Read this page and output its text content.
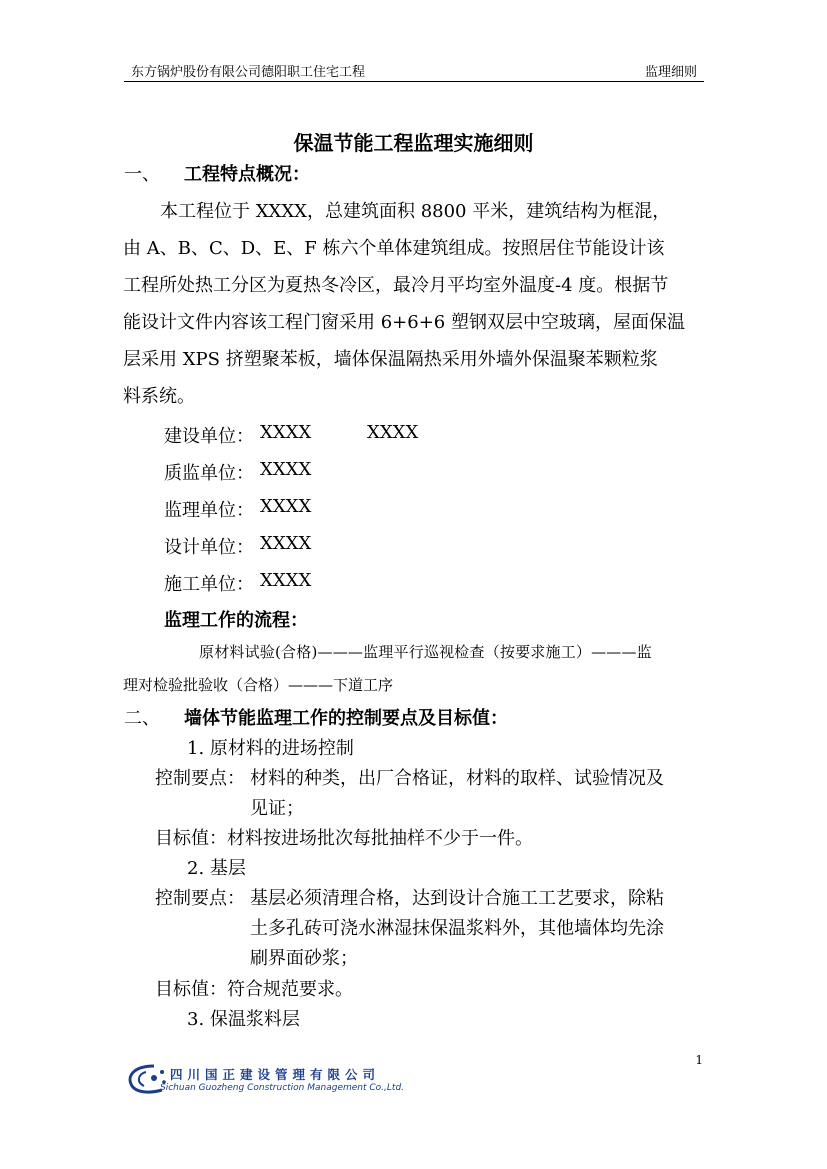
东方锅炉股份有限公司德阳职工住宅工程	监理细则
保温节能工程监理实施细则
一、 工程特点概况：
本工程位于 XXXX，总建筑面积 8800 平米，建筑结构为框混，
由 A、B、C、D、E、F 栋六个单体建筑组成。按照居住节能设计该
工程所处热工分区为夏热冬冷区，最冷月平均室外温度-4 度。根据节
能设计文件内容该工程门窗采用 6+6+6 塑钢双层中空玻璃，屋面保温
层采用 XPS 挤塑聚苯板，墙体保温隔热采用外墙外保温聚苯颗粒浆
料系统。
建设单位： XXXX	XXXX
质监单位： XXXX
监理单位： XXXX
设计单位： XXXX
施工单位： XXXX
监理工作的流程：
原材料试验(合格)———监理平行巡视检查（按要求施工）———监
理对检验批验收（合格）———下道工序
二、 墙体节能监理工作的控制要点及目标值：
1. 原材料的进场控制
控制要点： 材料的种类，出厂合格证，材料的取样、试验情况及
见证；
目标值：材料按进场批次每批抽样不少于一件。
2. 基层
控制要点： 基层必须清理合格，达到设计合施工工艺要求，除粘
土多孔砖可浇水淋湿抹保温浆料外，其他墙体均先涂
刷界面砂浆；
目标值：符合规范要求。
3. 保温浆料层
1
四川国正建设管理有限公司
Sichuan Guozheng Construction Management Co.,Ltd.
